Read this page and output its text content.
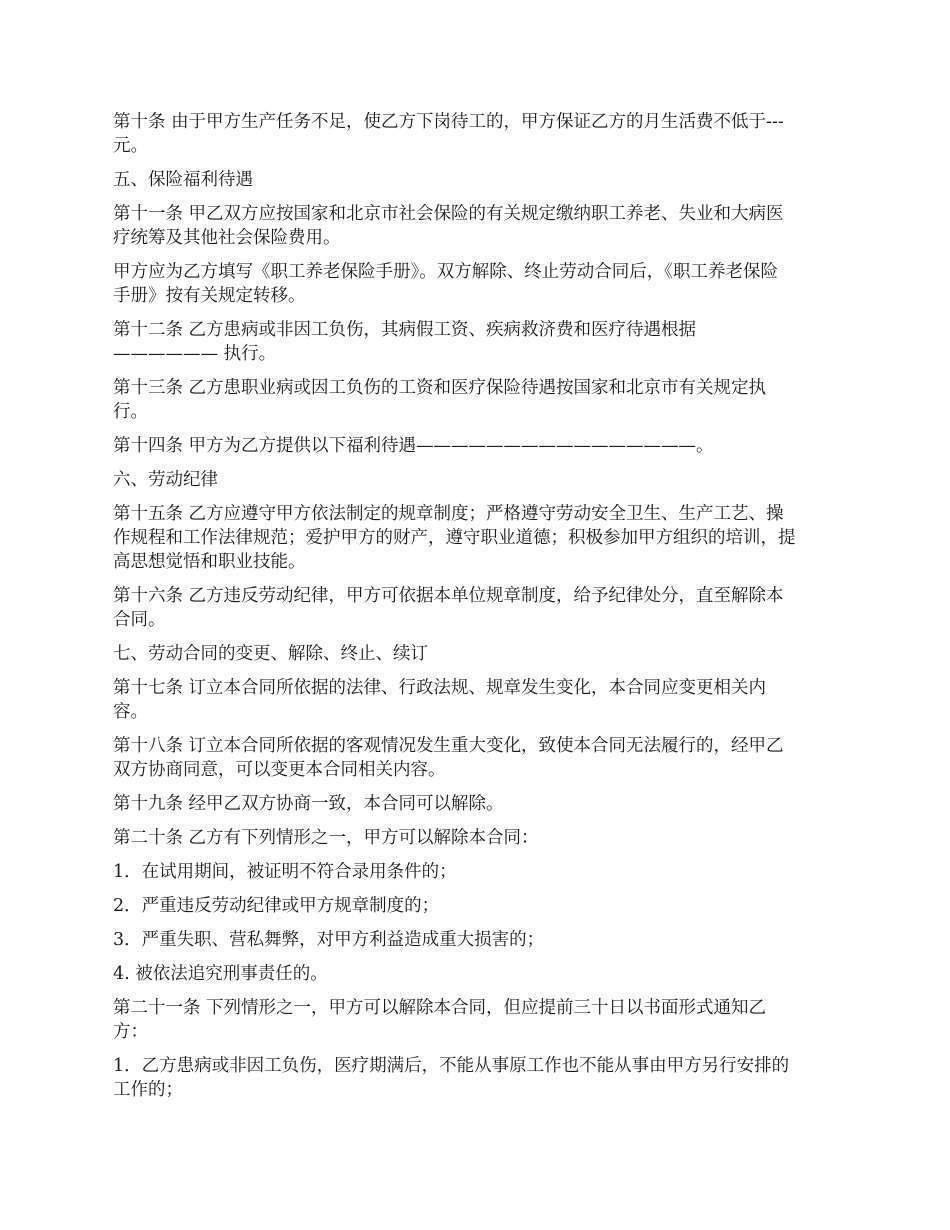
第十条 由于甲方生产任务不足，使乙方下岗待工的，甲方保证乙方的月生活费不低于---
元。

五、保险福利待遇

第十一条 甲乙双方应按国家和北京市社会保险的有关规定缴纳职工养老、失业和大病医
疗统筹及其他社会保险费用。

甲方应为乙方填写《职工养老保险手册》。双方解除、终止劳动合同后，《职工养老保险
手册》按有关规定转移。

第十二条 乙方患病或非因工负伤，其病假工资、疾病救济费和医疗待遇根据
—————— 执行。

第十三条 乙方患职业病或因工负伤的工资和医疗保险待遇按国家和北京市有关规定执
行。

第十四条 甲方为乙方提供以下福利待遇————————————————。

六、劳动纪律

第十五条 乙方应遵守甲方依法制定的规章制度；严格遵守劳动安全卫生、生产工艺、操
作规程和工作法律规范；爱护甲方的财产，遵守职业道德；积极参加甲方组织的培训，提
高思想觉悟和职业技能。

第十六条 乙方违反劳动纪律，甲方可依据本单位规章制度，给予纪律处分，直至解除本
合同。

七、劳动合同的变更、解除、终止、续订

第十七条 订立本合同所依据的法律、行政法规、规章发生变化，本合同应变更相关内
容。

第十八条 订立本合同所依据的客观情况发生重大变化，致使本合同无法履行的，经甲乙
双方协商同意，可以变更本合同相关内容。

第十九条 经甲乙双方协商一致，本合同可以解除。

第二十条 乙方有下列情形之一，甲方可以解除本合同：

1．在试用期间，被证明不符合录用条件的；

2．严重违反劳动纪律或甲方规章制度的；

3．严重失职、营私舞弊，对甲方利益造成重大损害的；

4. 被依法追究刑事责任的。

第二十一条 下列情形之一，甲方可以解除本合同，但应提前三十日以书面形式通知乙
方：

1．乙方患病或非因工负伤，医疗期满后，不能从事原工作也不能从事由甲方另行安排的
工作的；
